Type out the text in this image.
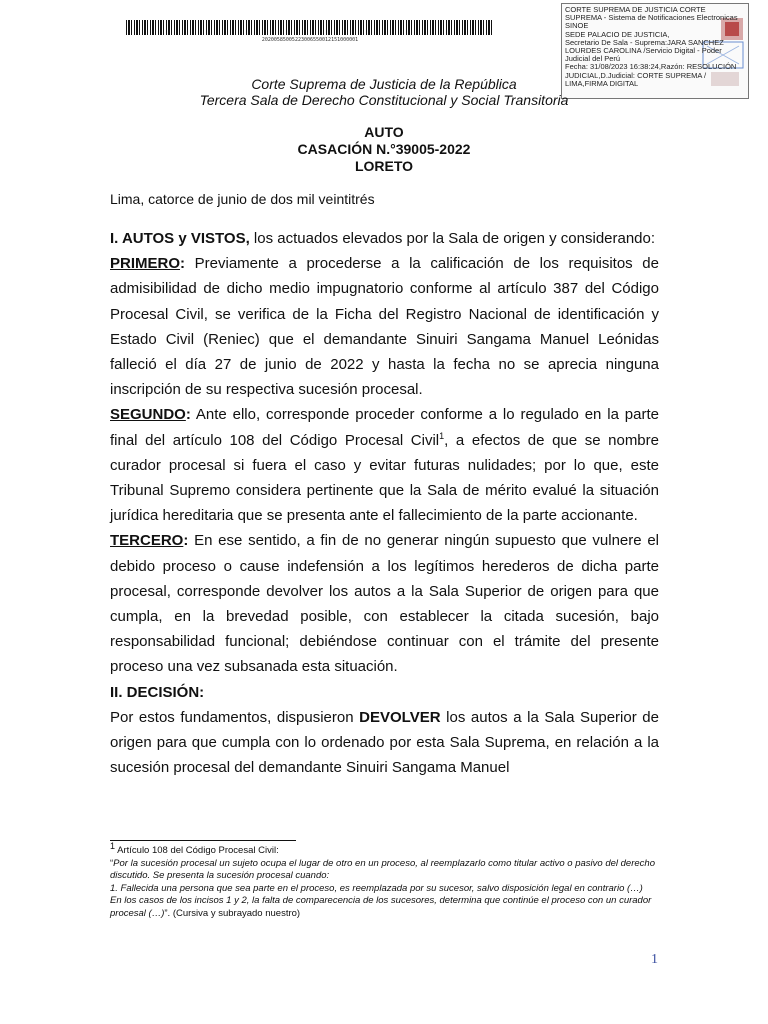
20200585005223006550012151000001
CORTE SUPREMA DE JUSTICIA CORTE
SUPREMA - Sistema de Notificaciones Electronicas
SINOE
SEDE PALACIO DE JUSTICIA,
Secretario De Sala - Suprema:JARA SANCHEZ
LOURDES CAROLINA /Servicio Digital - Poder
Judicial del Perú
Fecha: 31/08/2023 16:38:24,Razón: RESOLUCIÓN
JUDICIAL,D.Judicial: CORTE SUPREMA /
LIMA,FIRMA DIGITAL
Corte Suprema de Justicia de la República
Tercera Sala de Derecho Constitucional y Social Transitoria
AUTO
CASACIÓN N.°39005-2022
LORETO
Lima, catorce de junio de dos mil veintitrés

I. AUTOS y VISTOS, los actuados elevados por la Sala de origen y considerando:

PRIMERO: Previamente a procederse a la calificación de los requisitos de admisibilidad de dicho medio impugnatorio conforme al artículo 387 del Código Procesal Civil, se verifica de la Ficha del Registro Nacional de identificación y Estado Civil (Reniec) que el demandante Sinuiri Sangama Manuel Leónidas falleció el día 27 de junio de 2022 y hasta la fecha no se aprecia ninguna inscripción de su respectiva sucesión procesal.

SEGUNDO: Ante ello, corresponde proceder conforme a lo regulado en la parte final del artículo 108 del Código Procesal Civil$^1$, a efectos de que se nombre curador procesal si fuera el caso y evitar futuras nulidades; por lo que, este Tribunal Supremo considera pertinente que la Sala de mérito evalué la situación jurídica hereditaria que se presenta ante el fallecimiento de la parte accionante.

TERCERO: En ese sentido, a fin de no generar ningún supuesto que vulnere el debido proceso o cause indefensión a los legítimos herederos de dicha parte procesal, corresponde devolver los autos a la Sala Superior de origen para que cumpla, en la brevedad posible, con establecer la citada sucesión, bajo responsabilidad funcional; debiéndose continuar con el trámite del presente proceso una vez subsanada esta situación.

II. DECISIÓN:

Por estos fundamentos, dispusieron DEVOLVER los autos a la Sala Superior de origen para que cumpla con lo ordenado por esta Sala Suprema, en relación a la sucesión procesal del demandante Sinuiri Sangama Manuel

$^1$ Artículo 108 del Código Procesal Civil:

“Por la sucesión procesal un sujeto ocupa el lugar de otro en un proceso, al reemplazarlo como titular activo o pasivo del derecho discutido. Se presenta la sucesión procesal cuando:

1. Fallecida una persona que sea parte en el proceso, es reemplazada por su sucesor, salvo disposición legal en contrario (…)

En los casos de los incisos 1 y 2, la falta de comparecencia de los sucesores, determina que continúe el proceso con un curador procesal (…)”. (Cursiva y subrayado nuestro)

1
